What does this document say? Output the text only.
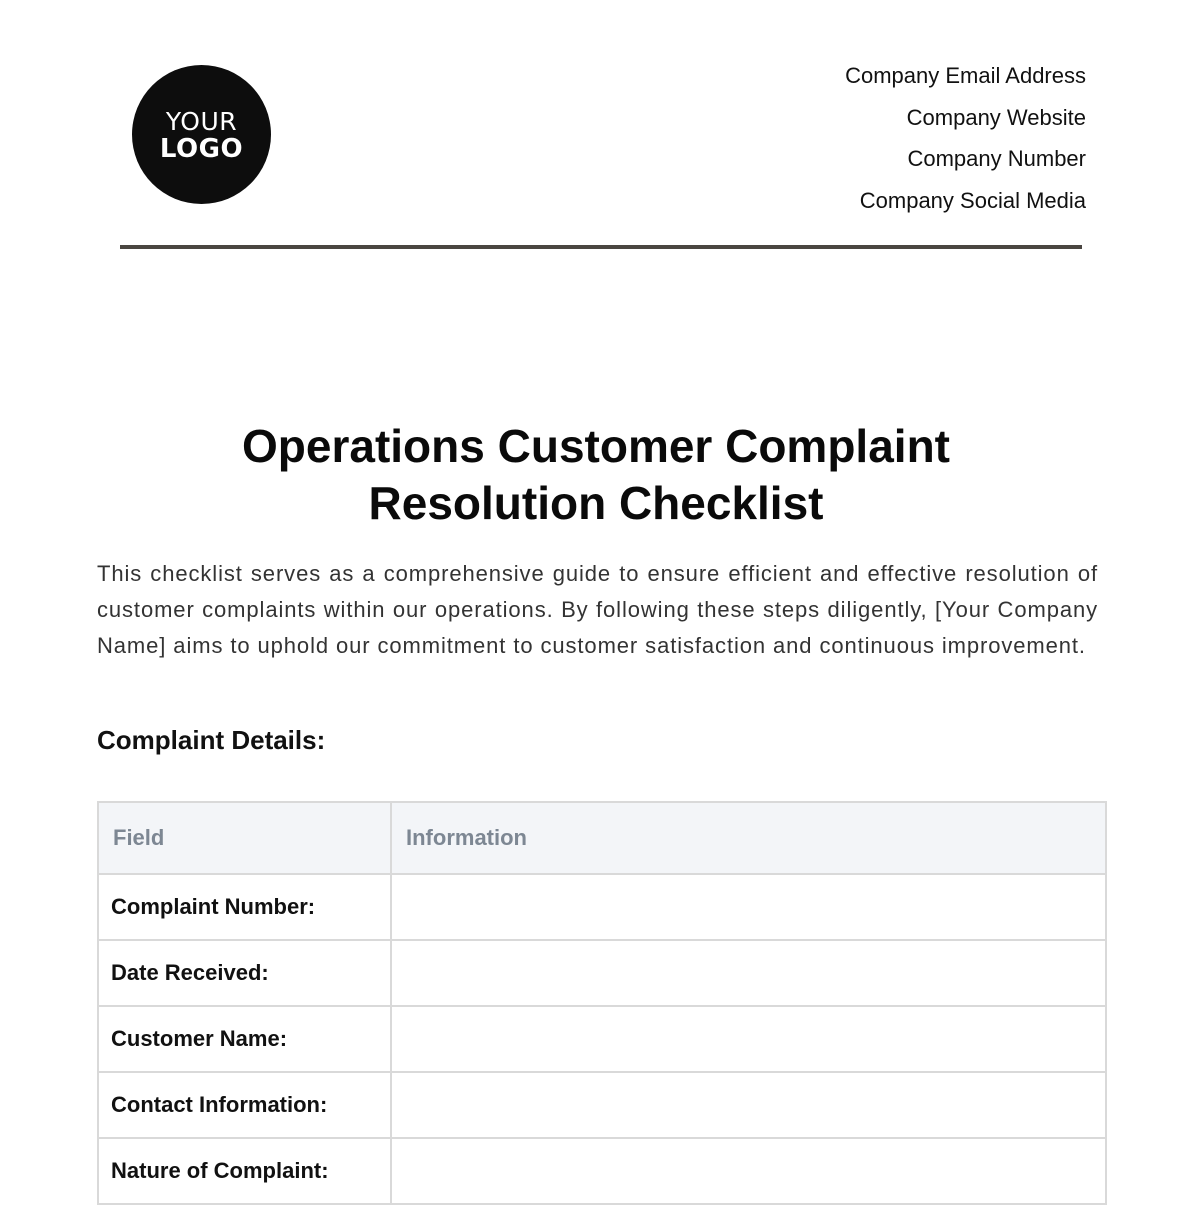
YOUR
LOGO
Company Email Address
Company Website
Company Number
Company Social Media
Operations Customer Complaint
Resolution Checklist

This checklist serves as a comprehensive guide to ensure efficient and effective resolution of customer complaints within our operations. By following these steps diligently, [Your Company Name] aims to uphold our commitment to customer satisfaction and continuous improvement.

Complaint Details:
Field	Information
Complaint Number:	
Date Received:	
Customer Name:	
Contact Information:	
Nature of Complaint:	
